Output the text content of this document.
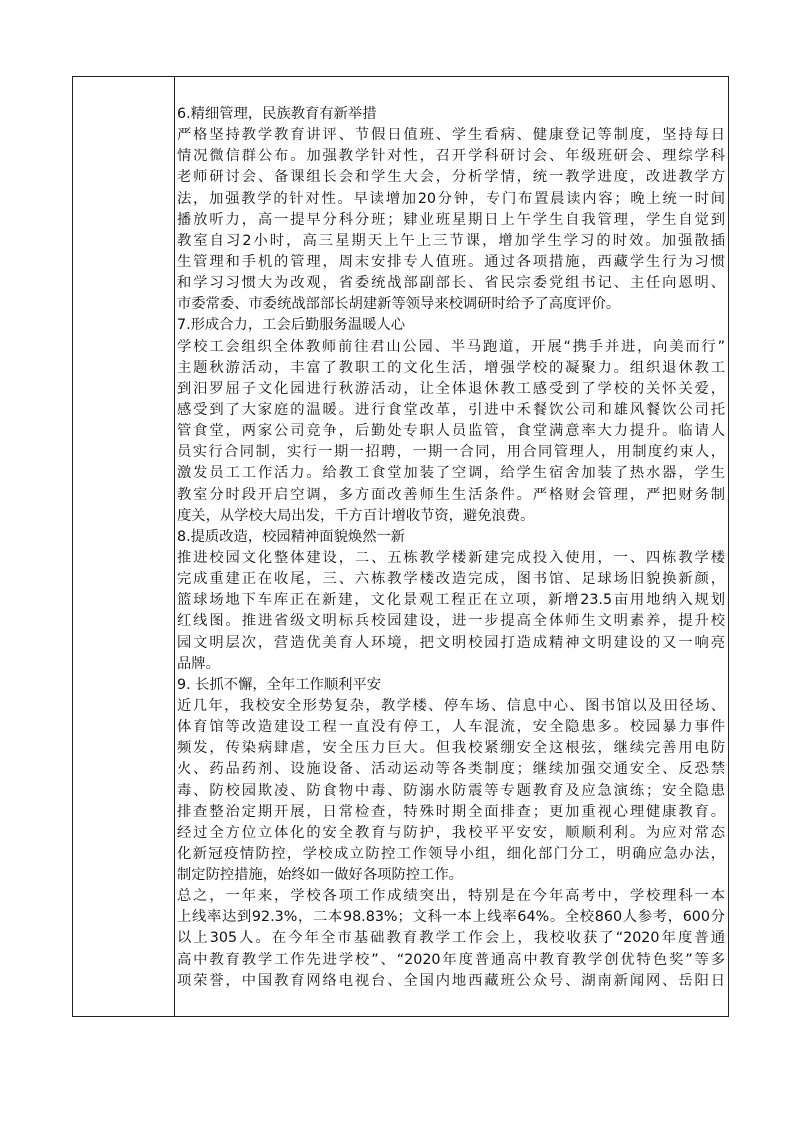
6.精细管理，民族教育有新举措
严格坚持教学教育讲评、节假日值班、学生看病、健康登记等制度，坚持每日
情况微信群公布。加强教学针对性，召开学科研讨会、年级班研会、理综学科
老师研讨会、备课组长会和学生大会，分析学情，统一教学进度，改进教学方
法，加强教学的针对性。早读增加20分钟，专门布置晨读内容；晚上统一时间
播放听力，高一提早分科分班；肄业班星期日上午学生自我管理，学生自觉到
教室自习2小时，高三星期天上午上三节课，增加学生学习的时效。加强散插
生管理和手机的管理，周末安排专人值班。通过各项措施，西藏学生行为习惯
和学习习惯大为改观，省委统战部副部长、省民宗委党组书记、主任向恩明、
市委常委、市委统战部部长胡建新等领导来校调研时给予了高度评价。
7.形成合力，工会后勤服务温暖人心
学校工会组织全体教师前往君山公园、半马跑道，开展“携手并进，向美而行”
主题秋游活动，丰富了教职工的文化生活，增强学校的凝聚力。组织退休教工
到汨罗屈子文化园进行秋游活动，让全体退休教工感受到了学校的关怀关爱，
感受到了大家庭的温暖。进行食堂改革，引进中禾餐饮公司和雄风餐饮公司托
管食堂，两家公司竞争，后勤处专职人员监管，食堂满意率大力提升。临请人
员实行合同制，实行一期一招聘，一期一合同，用合同管理人，用制度约束人，
激发员工工作活力。给教工食堂加装了空调，给学生宿舍加装了热水器，学生
教室分时段开启空调，多方面改善师生生活条件。严格财会管理，严把财务制
度关，从学校大局出发，千方百计增收节资，避免浪费。
8.提质改造，校园精神面貌焕然一新
推进校园文化整体建设，二、五栋教学楼新建完成投入使用，一、四栋教学楼
完成重建正在收尾，三、六栋教学楼改造完成，图书馆、足球场旧貌换新颜，
篮球场地下车库正在新建，文化景观工程正在立项，新增23.5亩用地纳入规划
红线图。推进省级文明标兵校园建设，进一步提高全体师生文明素养，提升校
园文明层次，营造优美育人环境，把文明校园打造成精神文明建设的又一响亮
品牌。
9. 长抓不懈，全年工作顺利平安
近几年，我校安全形势复杂，教学楼、停车场、信息中心、图书馆以及田径场、
体育馆等改造建设工程一直没有停工，人车混流，安全隐患多。校园暴力事件
频发，传染病肆虐，安全压力巨大。但我校紧绷安全这根弦，继续完善用电防
火、药品药剂、设施设备、活动运动等各类制度；继续加强交通安全、反恐禁
毒、防校园欺凌、防食物中毒、防溺水防震等专题教育及应急演练；安全隐患
排查整治定期开展，日常检查，特殊时期全面排查；更加重视心理健康教育。
经过全方位立体化的安全教育与防护，我校平平安安，顺顺利利。为应对常态
化新冠疫情防控，学校成立防控工作领导小组，细化部门分工，明确应急办法，
制定防控措施，始终如一做好各项防控工作。
总之，一年来，学校各项工作成绩突出，特别是在今年高考中，学校理科一本
上线率达到92.3%，二本98.83%；文科一本上线率64%。全校860人参考，600分
以上305人。在今年全市基础教育教学工作会上，我校收获了“2020年度普通
高中教育教学工作先进学校”、“2020年度普通高中教育教学创优特色奖”等多
项荣誉，中国教育网络电视台、全国内地西藏班公众号、湖南新闻网、岳阳日
